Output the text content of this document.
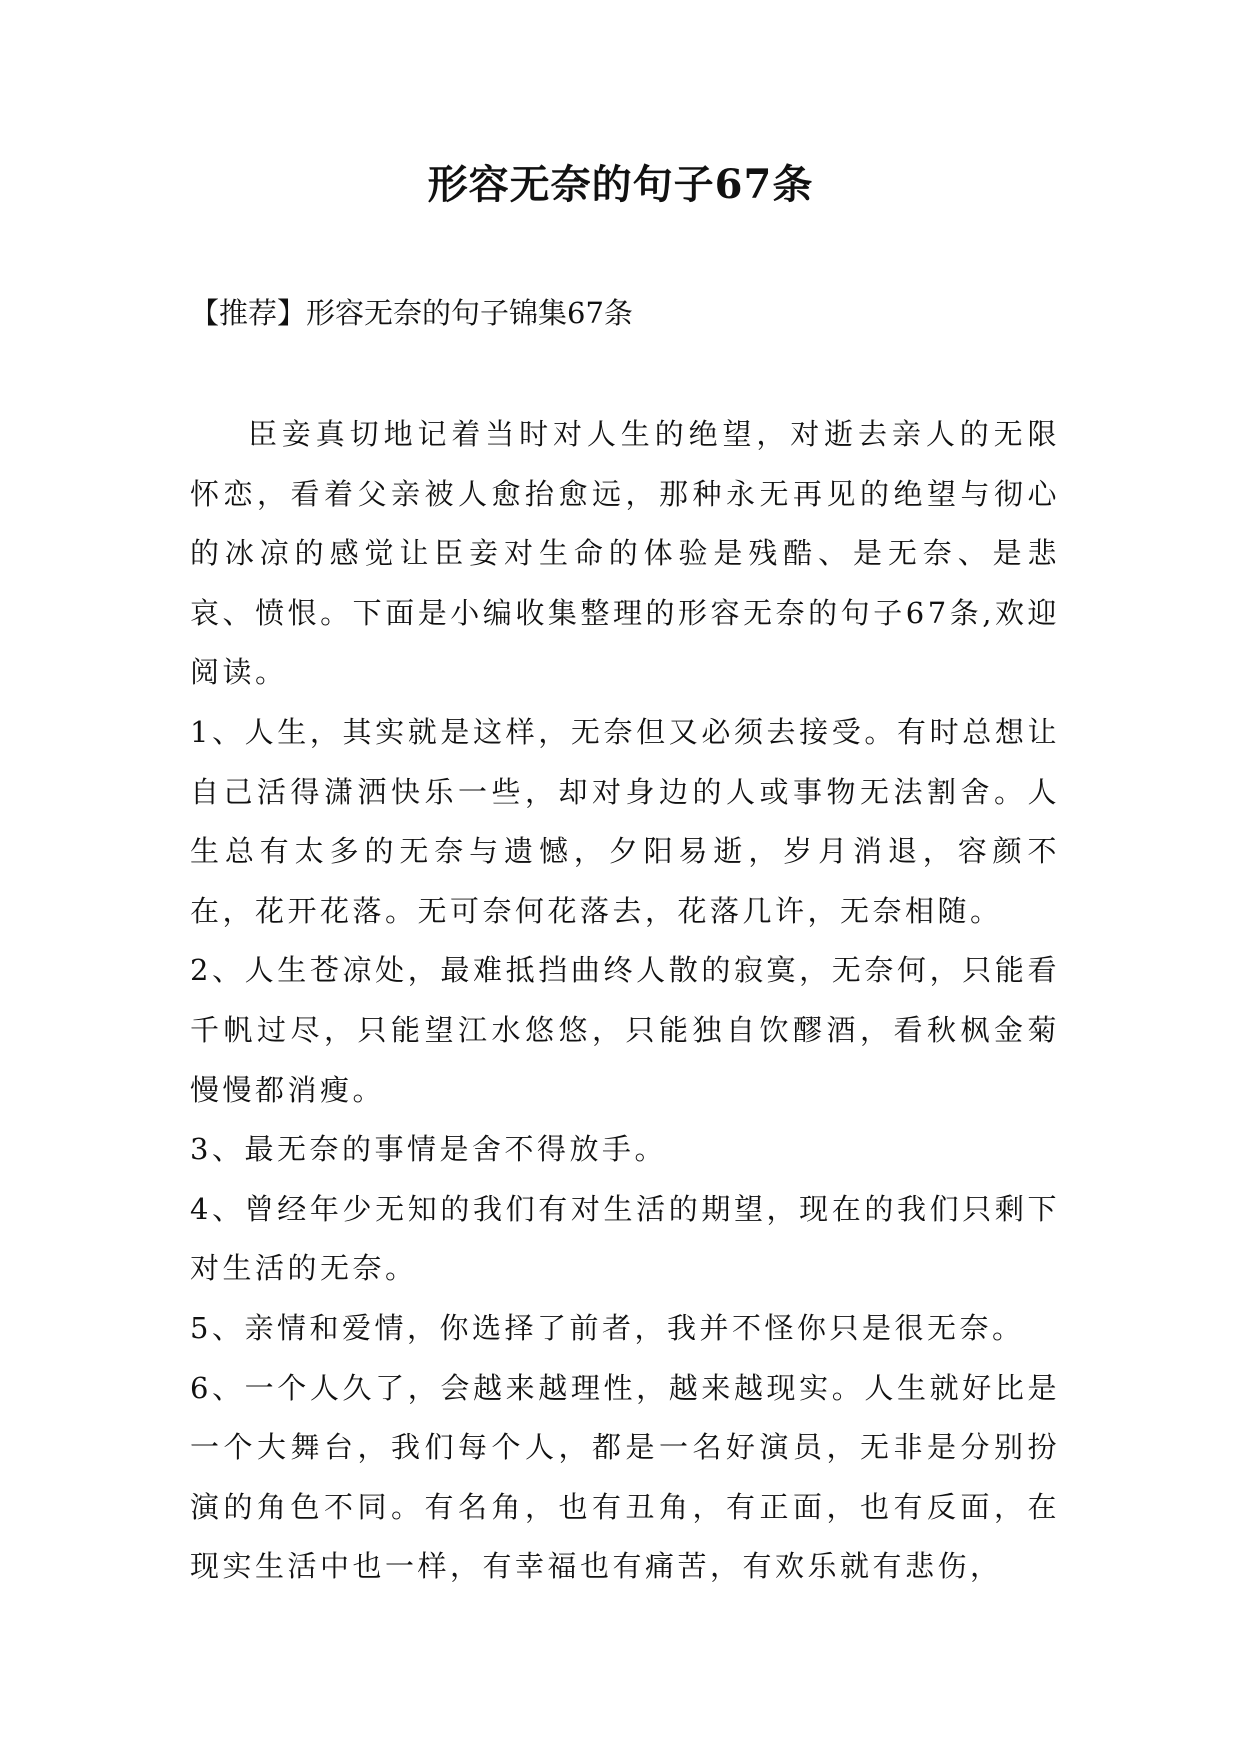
形容无奈的句子67条
【推荐】形容无奈的句子锦集67条

臣妾真切地记着当时对人生的绝望，对逝去亲人的无限怀恋，看着父亲被人愈抬愈远，那种永无再见的绝望与彻心的冰凉的感觉让臣妾对生命的体验是残酷、是无奈、是悲哀、愤恨。下面是小编收集整理的形容无奈的句子67条,欢迎阅读。

1、人生，其实就是这样，无奈但又必须去接受。有时总想让自己活得潇洒快乐一些，却对身边的人或事物无法割舍。人生总有太多的无奈与遗憾，夕阳易逝，岁月消退，容颜不在，花开花落。无可奈何花落去，花落几许，无奈相随。

2、人生苍凉处，最难抵挡曲终人散的寂寞，无奈何，只能看千帆过尽，只能望江水悠悠，只能独自饮醪酒，看秋枫金菊慢慢都消瘦。

3、最无奈的事情是舍不得放手。

4、曾经年少无知的我们有对生活的期望，现在的我们只剩下对生活的无奈。

5、亲情和爱情，你选择了前者，我并不怪你只是很无奈。

6、一个人久了，会越来越理性，越来越现实。人生就好比是一个大舞台，我们每个人，都是一名好演员，无非是分别扮演的角色不同。有名角，也有丑角，有正面，也有反面，在现实生活中也一样，有幸福也有痛苦，有欢乐就有悲伤，
